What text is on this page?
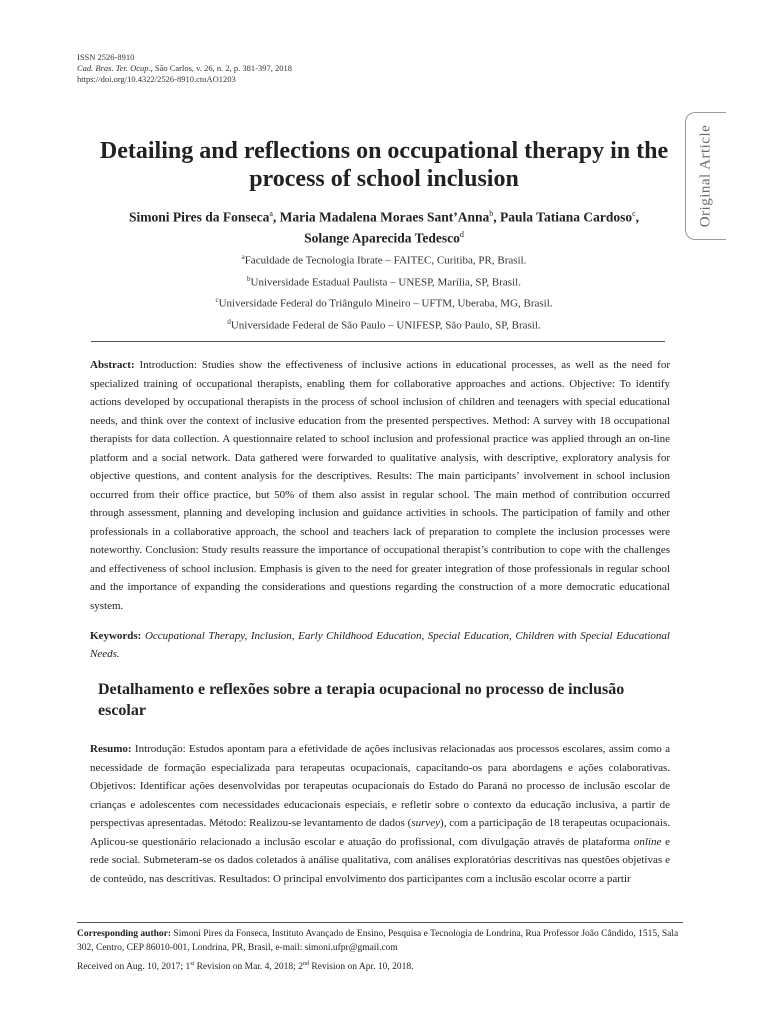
ISSN 2526-8910
Cad. Bras. Ter. Ocup., São Carlos, v. 26, n. 2, p. 381-397, 2018
https://doi.org/10.4322/2526-8910.ctoAO1203
Original Article
Detailing and reflections on occupational therapy in the process of school inclusion
Simoni Pires da Fonseca$^a$, Maria Madalena Moraes Sant’Anna$^b$, Paula Tatiana Cardoso$^c$,
Solange Aparecida Tedesco$^d$
$^a$Faculdade de Tecnologia Ibrate – FAITEC, Curitiba, PR, Brasil.
$^b$Universidade Estadual Paulista – UNESP, Marília, SP, Brasil.
$^c$Universidade Federal do Triângulo Mineiro – UFTM, Uberaba, MG, Brasil.
$^d$Universidade Federal de São Paulo – UNIFESP, São Paulo, SP, Brasil.

Abstract: Introduction: Studies show the effectiveness of inclusive actions in educational processes, as well as the need for specialized training of occupational therapists, enabling them for collaborative approaches and actions. Objective: To identify actions developed by occupational therapists in the process of school inclusion of children and teenagers with special educational needs, and think over the context of inclusive education from the presented perspectives. Method: A survey with 18 occupational therapists for data collection. A questionnaire related to school inclusion and professional practice was applied through an on-line platform and a social network. Data gathered were forwarded to qualitative analysis, with descriptive, exploratory analysis for objective questions, and content analysis for the descriptives. Results: The main participants’ involvement in school inclusion occurred from their office practice, but 50% of them also assist in regular school. The main method of contribution occurred through assessment, planning and developing inclusion and guidance activities in schools. The participation of family and other professionals in a collaborative approach, the school and teachers lack of preparation to complete the inclusion processes were noteworthy. Conclusion: Study results reassure the importance of occupational therapist’s contribution to cope with the challenges and effectiveness of school inclusion. Emphasis is given to the need for greater integration of those professionals in regular school and the importance of expanding the considerations and questions regarding the construction of a more democratic educational system.

Keywords: Occupational Therapy, Inclusion, Early Childhood Education, Special Education, Children with Special Educational Needs.

Detalhamento e reflexões sobre a terapia ocupacional no processo de inclusão escolar

Resumo: Introdução: Estudos apontam para a efetividade de ações inclusivas relacionadas aos processos escolares, assim como a necessidade de formação especializada para terapeutas ocupacionais, capacitando-os para abordagens e ações colaborativas. Objetivos: Identificar ações desenvolvidas por terapeutas ocupacionais do Estado do Paraná no processo de inclusão escolar de crianças e adolescentes com necessidades educacionais especiais, e refletir sobre o contexto da educação inclusiva, a partir de perspectivas apresentadas. Método: Realizou-se levantamento de dados (survey), com a participação de 18 terapeutas ocupacionais. Aplicou-se questionário relacionado a inclusão escolar e atuação do profissional, com divulgação através de plataforma online e rede social. Submeteram-se os dados coletados à análise qualitativa, com análises exploratórias descritivas nas questões objetivas e de conteúdo, nas descritivas. Resultados: O principal envolvimento dos participantes com a inclusão escolar ocorre a partir

Corresponding author: Simoni Pires da Fonseca, Instituto Avançado de Ensino, Pesquisa e Tecnologia de Londrina, Rua Professor João Cândido, 1515, Sala 302, Centro, CEP 86010-001, Londrina, PR, Brasil, e-mail: simoni.ufpr@gmail.com

Received on Aug. 10, 2017; 1st Revision on Mar. 4, 2018; 2nd Revision on Apr. 10, 2018.
